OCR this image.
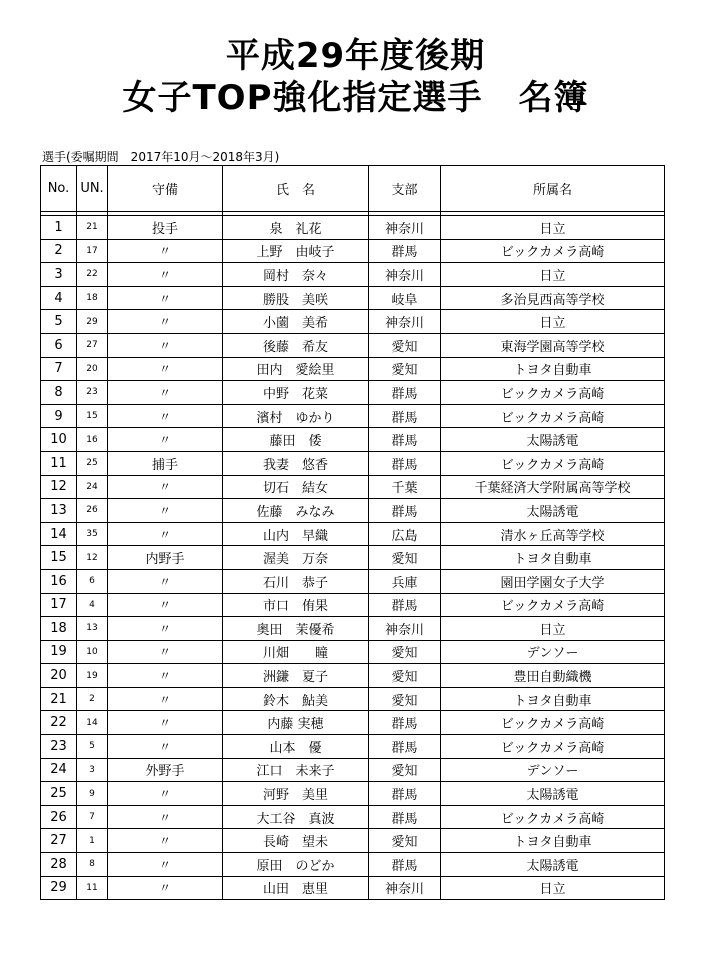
平成29年度後期
女子TOP強化指定選手 名簿
選手(委嘱期間　2017年10月～2018年3月)
No.	UN.	守備	氏　名	支部	所属名

1	21	投手	泉　礼花	神奈川	日立
2	17	〃	上野　由岐子	群馬	ビックカメラ高崎
3	22	〃	岡村　奈々	神奈川	日立
4	18	〃	勝股　美咲	岐阜	多治見西高等学校
5	29	〃	小薗　美希	神奈川	日立
6	27	〃	後藤　希友	愛知	東海学園高等学校
7	20	〃	田内　愛絵里	愛知	トヨタ自動車
8	23	〃	中野　花菜	群馬	ビックカメラ高崎
9	15	〃	濱村　ゆかり	群馬	ビックカメラ高崎
10	16	〃	藤田　倭	群馬	太陽誘電
11	25	捕手	我妻　悠香	群馬	ビックカメラ高崎
12	24	〃	切石　結女	千葉	千葉経済大学附属高等学校
13	26	〃	佐藤　みなみ	群馬	太陽誘電
14	35	〃	山内　早織	広島	清水ヶ丘高等学校
15	12	内野手	渥美　万奈	愛知	トヨタ自動車
16	6	〃	石川　恭子	兵庫	園田学園女子大学
17	4	〃	市口　侑果	群馬	ビックカメラ高崎
18	13	〃	奥田　茉優希	神奈川	日立
19	10	〃	川畑　　瞳	愛知	デンソー
20	19	〃	洲鎌　夏子	愛知	豊田自動織機
21	2	〃	鈴木　鮎美	愛知	トヨタ自動車
22	14	〃	内藤 実穂	群馬	ビックカメラ高崎
23	5	〃	山本　優	群馬	ビックカメラ高崎
24	3	外野手	江口　未来子	愛知	デンソー
25	9	〃	河野　美里	群馬	太陽誘電
26	7	〃	大工谷　真波	群馬	ビックカメラ高崎
27	1	〃	長崎　望未	愛知	トヨタ自動車
28	8	〃	原田　のどか	群馬	太陽誘電
29	11	〃	山田　恵里	神奈川	日立
